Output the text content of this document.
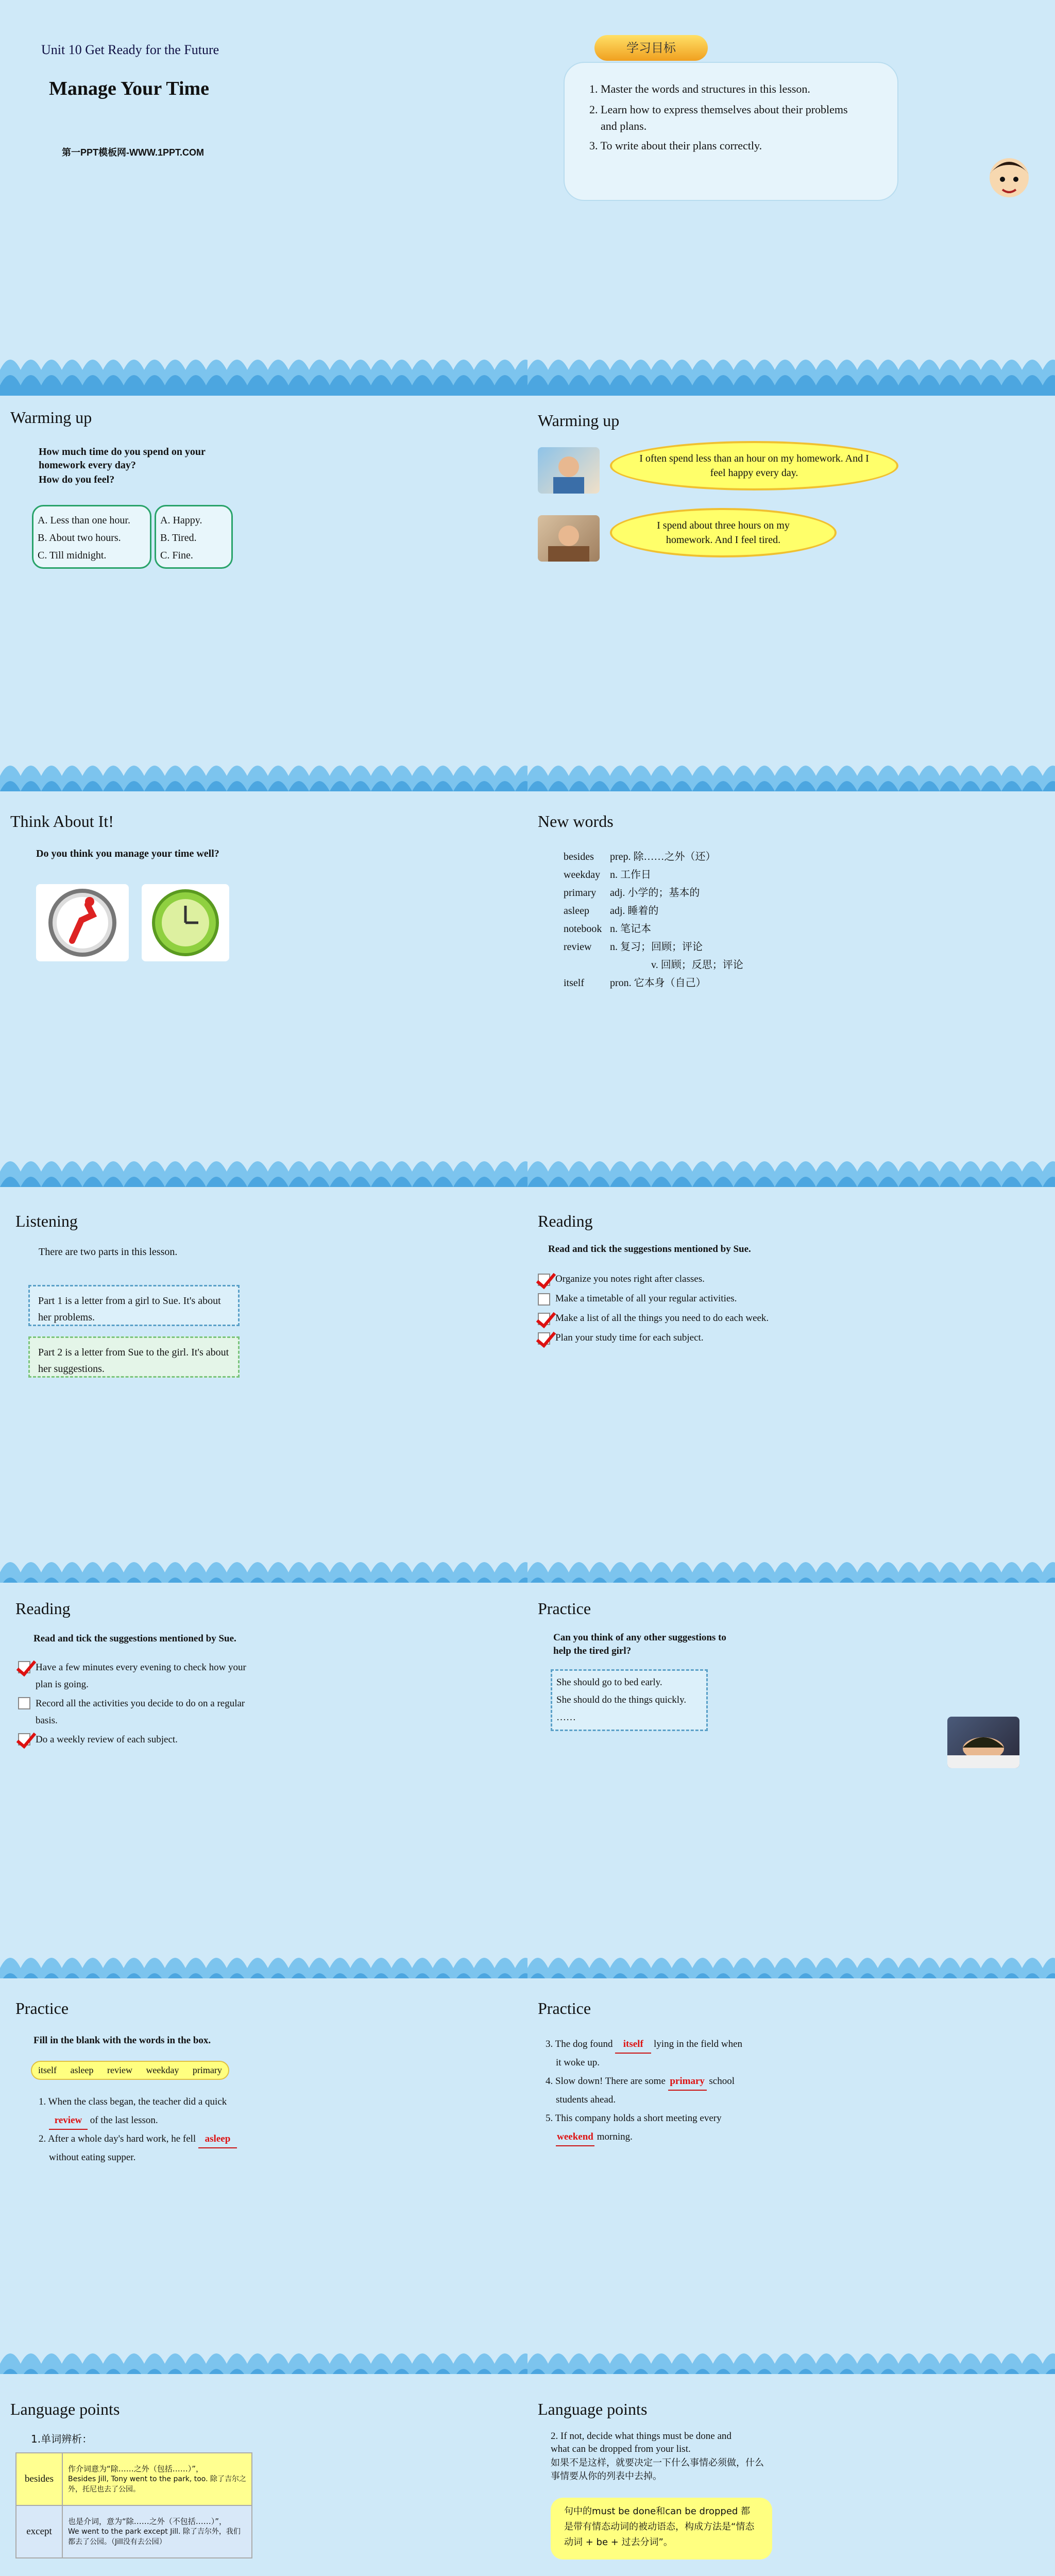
Unit 10 Get Ready for the Future
Manage Your Time
第一PPT模板网-WWW.1PPT.COM
学习目标
1. Master the words and structures in this lesson.
2. Learn how to express themselves about their problems
and plans.
3. To write about their plans correctly.
Warming up
How much time do you spend on your
homework every day?
How do you feel?
A. Less than one hour.
B. About two hours.
C. Till midnight.
A. Happy.
B. Tired.
C. Fine.
Warming up
I often spend less than an hour on my homework. And I feel happy every day.
I spend about three hours on my homework. And I feel tired.
Think About It!
Do you think you manage your time well?
New words
besides prep. 除……之外（还）
weekday n. 工作日
primary adj. 小学的；基本的
asleep adj. 睡着的
notebook n. 笔记本
review n. 复习；回顾；评论
v. 回顾；反思；评论
itself	pron. 它本身（自己）
Listening
There are two parts in this lesson.
Part 1 is a letter from a girl to Sue. It's about her problems.
Part 2 is a letter from Sue to the girl. It's about her suggestions.
Reading
Read and tick the suggestions mentioned by Sue.
Organize you notes right after classes.
Make a timetable of all your regular activities.
Make a list of all the things you need to do each week.
Plan your study time for each subject.
Reading
Read and tick the suggestions mentioned by Sue.
Have a few minutes every evening to check how your plan is going.
Record all the activities you decide to do on a regular basis.
Do a weekly review of each subject.
Practice
Can you think of any other suggestions to
help the tired girl?
She should go to bed early.
She should do the things quickly.
……
Practice
Fill in the blank with the words in the box.
itself asleep review weekday primary
1. When the class began, the teacher did a quick
review of the last lesson.
2. After a whole day's hard work, he fell asleep
without eating supper.
Practice
3. The dog found itself lying in the field when
it woke up.
4. Slow down! There are some primary school
students ahead.
5. This company holds a short meeting every
weekend morning.
Language points
1.单词辨析：
besides	作介词意为“除……之外（包括……）”，
Besides Jill, Tony went to the park, too. 除了吉尔之外，托尼也去了公园。

except	也是介词，意为“除……之外（不包括……）”，
We went to the park except Jill. 除了吉尔外，我们都去了公园。（Jill没有去公园）
Language points
2. If not, decide what things must be done and
what can be dropped from your list.
如果不是这样，就要决定一下什么事情必须做，什么事情要从你的列表中去掉。
句中的must be done和can be dropped 都是带有情态动词的被动语态，构成方法是“情态动词 + be + 过去分词”。
